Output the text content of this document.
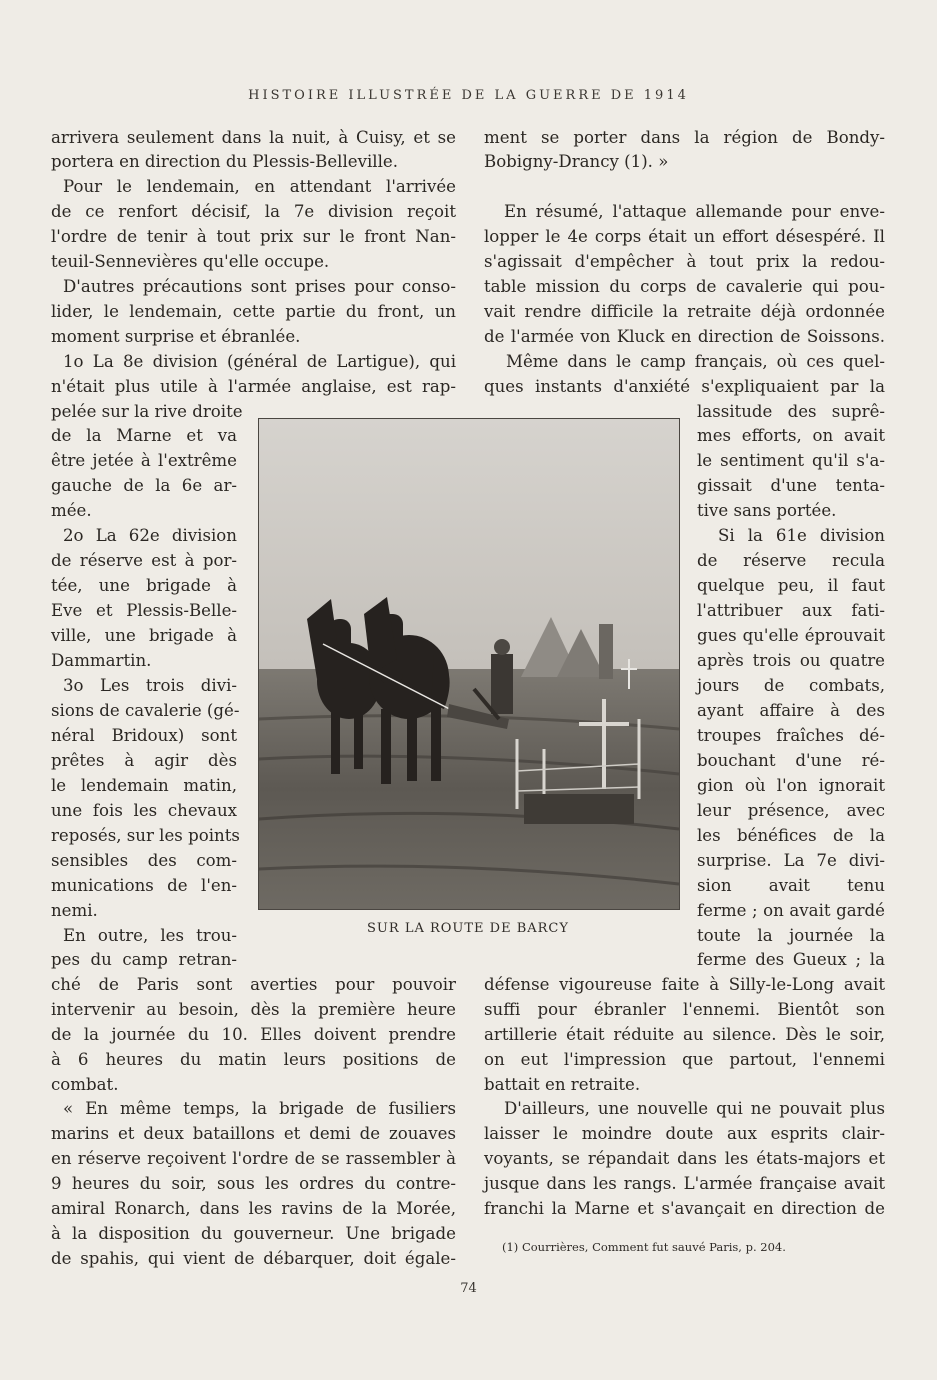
HISTOIRE ILLUSTRÉE DE LA GUERRE DE 1914
arrivera seulement dans la nuit, à Cuisy, et se
portera en direction du Plessis-Belleville.
Pour le lendemain, en attendant l'arrivée
de ce renfort décisif, la 7e division reçoit
l'ordre de tenir à tout prix sur le front Nan-
teuil-Sennevières qu'elle occupe.
D'autres précautions sont prises pour conso-
lider, le lendemain, cette partie du front, un
moment surprise et ébranlée.
1o La 8e division (général de Lartigue), qui
n'était plus utile à l'armée anglaise, est rap-
pelée sur la rive droite
de la Marne et va
être jetée à l'extrême
gauche de la 6e ar-
mée.
2o La 62e division
de réserve est à por-
tée, une brigade à
Eve et Plessis-Belle-
ville, une brigade à
Dammartin.
3o Les trois divi-
sions de cavalerie (gé-
néral Bridoux) sont
prêtes à agir dès
le lendemain matin,
une fois les chevaux
reposés, sur les points
sensibles des com-
munications de l'en-
nemi.
En outre, les trou-
pes du camp retran-
ché de Paris sont averties pour pouvoir
intervenir au besoin, dès la première heure
de la journée du 10. Elles doivent prendre
à 6 heures du matin leurs positions de
combat.
« En même temps, la brigade de fusiliers
marins et deux bataillons et demi de zouaves
en réserve reçoivent l'ordre de se rassembler à
9 heures du soir, sous les ordres du contre-
amiral Ronarch, dans les ravins de la Morée,
à la disposition du gouverneur. Une brigade
de spahis, qui vient de débarquer, doit égale-
ment se porter dans la région de Bondy-
Bobigny-Drancy (1). »
En résumé, l'attaque allemande pour enve-
lopper le 4e corps était un effort désespéré. Il
s'agissait d'empêcher à tout prix la redou-
table mission du corps de cavalerie qui pou-
vait rendre difficile la retraite déjà ordonnée
de l'armée von Kluck en direction de Soissons.
Même dans le camp français, où ces quel-
ques instants d'anxiété s'expliquaient par la
lassitude des suprê-
mes efforts, on avait
le sentiment qu'il s'a-
gissait d'une tenta-
tive sans portée.
Si la 61e division
de réserve recula
quelque peu, il faut
l'attribuer aux fati-
gues qu'elle éprouvait
après trois ou quatre
jours de combats,
ayant affaire à des
troupes fraîches dé-
bouchant d'une ré-
gion où l'on ignorait
leur présence, avec
les bénéfices de la
surprise. La 7e divi-
sion avait tenu
ferme ; on avait gardé
toute la journée la
ferme des Gueux ; la
défense vigoureuse faite à Silly-le-Long avait
suffi pour ébranler l'ennemi. Bientôt son
artillerie était réduite au silence. Dès le soir,
on eut l'impression que partout, l'ennemi
battait en retraite.
D'ailleurs, une nouvelle qui ne pouvait plus
laisser le moindre doute aux esprits clair-
voyants, se répandait dans les états-majors et
jusque dans les rangs. L'armée française avait
franchi la Marne et s'avançait en direction de
SUR LA ROUTE DE BARCY
(1) Courrières, Comment fut sauvé Paris, p. 204.
74
